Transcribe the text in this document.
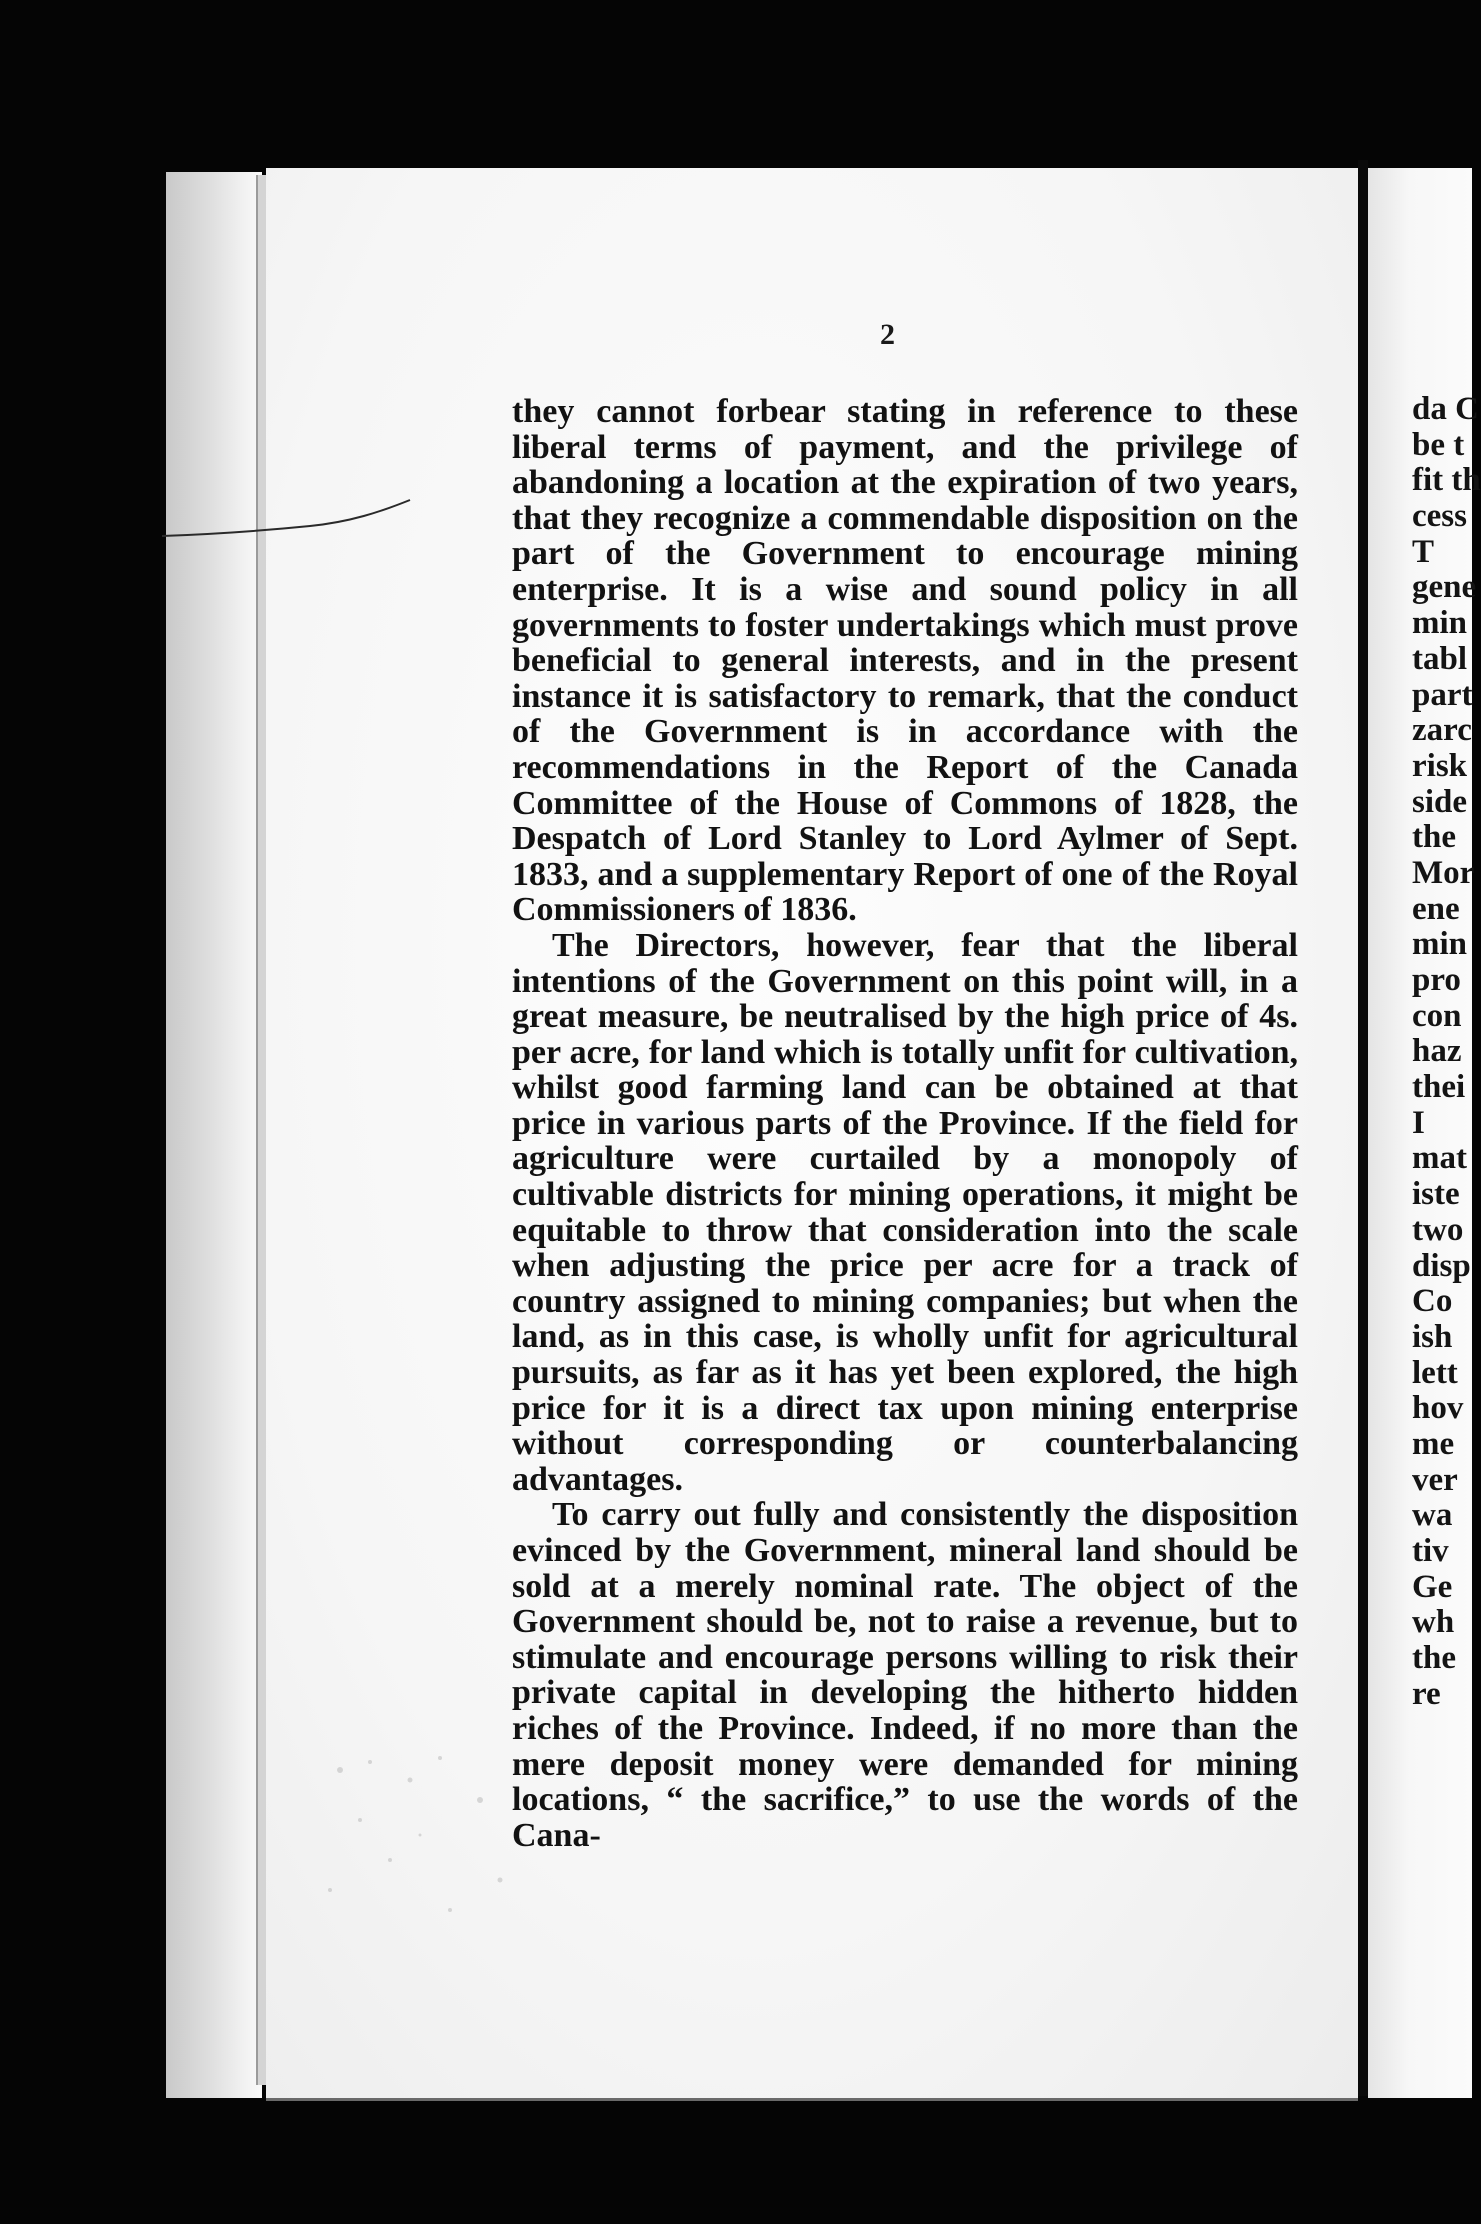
2

they cannot forbear stating in reference to these liberal terms of payment, and the privilege of abandoning a location at the expiration of two years, that they recognize a commendable disposition on the part of the Government to encourage mining enterprise. It is a wise and sound policy in all governments to foster undertakings which must prove beneficial to general interests, and in the present instance it is satisfactory to remark, that the conduct of the Government is in accordance with the recommendations in the Report of the Canada Committee of the House of Commons of 1828, the Despatch of Lord Stanley to Lord Aylmer of Sept. 1833, and a supplementary Report of one of the Royal Commissioners of 1836.

The Directors, however, fear that the liberal intentions of the Government on this point will, in a great measure, be neutralised by the high price of 4s. per acre, for land which is totally unfit for cultivation, whilst good farming land can be obtained at that price in various parts of the Province. If the field for agriculture were curtailed by a monopoly of cultivable districts for mining operations, it might be equitable to throw that consideration into the scale when adjusting the price per acre for a track of country assigned to mining companies; but when the land, as in this case, is wholly unfit for agricultural pursuits, as far as it has yet been explored, the high price for it is a direct tax upon mining enterprise without corresponding or counterbalancing advantages.

To carry out fully and consistently the disposition evinced by the Government, mineral land should be sold at a merely nominal rate. The object of the Government should be, not to raise a revenue, but to stimulate and encourage persons willing to risk their private capital in developing the hitherto hidden riches of the Province. Indeed, if no more than the mere deposit money were demanded for mining locations, “ the sacrifice,” to use the words of the Cana-

da C
be t
fit th
cess
T
gene
min
tabl
part
zarc
risk
side
the
Mor
ene
min
pro
con
haz
thei
I
mat
iste
two
disp
Co
ish
lett
hov
me
ver
wa
tiv
Ge
wh
the
re
